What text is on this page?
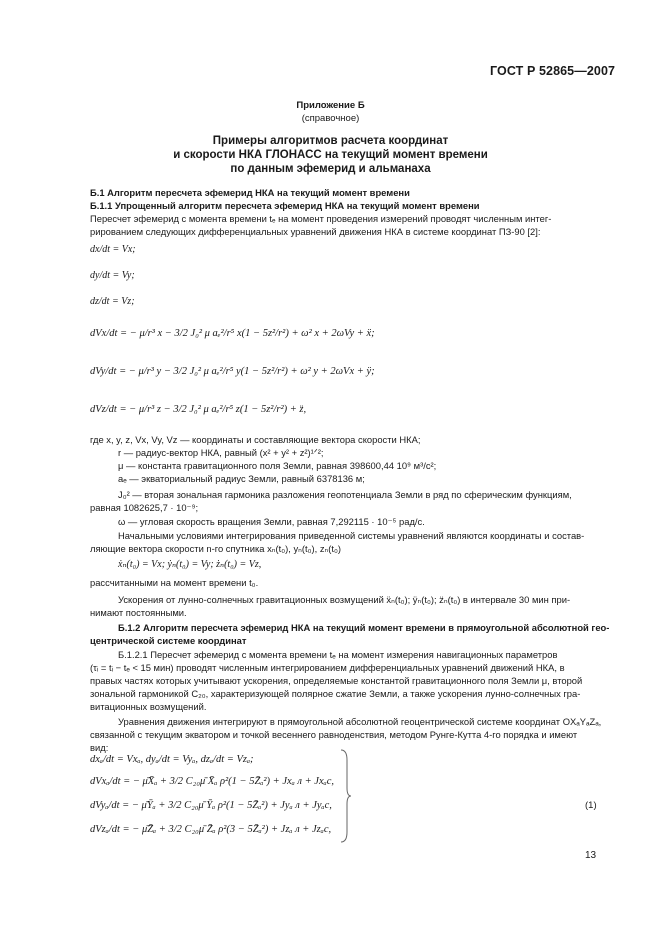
ГОСТ Р 52865—2007
Приложение Б
(справочное)
Примеры алгоритмов расчета координат
и скорости НКА ГЛОНАСС на текущий момент времени
по данным эфемерид и альманаха
Б.1 Алгоритм пересчета эфемерид НКА на текущий момент времени
Б.1.1 Упрощенный алгоритм пересчета эфемерид НКА на текущий момент времени
Пересчет эфемерид с момента времени tₑ на момент проведения измерений проводят численным интег-
рированием следующих дифференциальных уравнений движения НКА в системе координат ПЗ-90 [2]:
dx/dt = Vx;
dy/dt = Vy;
dz/dt = Vz;
dVx/dt = − μ/r³ x − 3/2 J₀² μ aₑ²/r⁵ x(1 − 5z²/r²) + ω² x + 2ωVy + ẍ;
dVy/dt = − μ/r³ y − 3/2 J₀² μ aₑ²/r⁵ y(1 − 5z²/r²) + ω² y + 2ωVx + ÿ;
dVz/dt = − μ/r³ z − 3/2 J₀² μ aₑ²/r⁵ z(1 − 5z²/r²) + z̈,
где x, y, z, Vx, Vy, Vz — координаты и составляющие вектора скорости НКА;
r — радиус-вектор НКА, равный (x² + y² + z²)¹ᐟ²;
μ — константа гравитационного поля Земли, равная 398600,44 10⁹ м³/с²;
aₑ — экваториальный радиус Земли, равный 6378136 м;
J₀² — вторая зональная гармоника разложения геопотенциала Земли в ряд по сферическим функциям,
равная 1082625,7 · 10⁻⁹;
ω — угловая скорость вращения Земли, равная 7,292115 · 10⁻⁵ рад/с.
Начальными условиями интегрирования приведенной системы уравнений являются координаты и состав-
ляющие вектора скорости n-го спутника xₙ(t₀), yₙ(t₀), zₙ(t₀)
ẋₙ(t₀) = Vx; ẏₙ(t₀) = Vy; żₙ(t₀) = Vz,
рассчитанными на момент времени t₀.
Ускорения от лунно-солнечных гравитационных возмущений ẍₙ(t₀); ÿₙ(t₀); z̈ₙ(t₀) в интервале 30 мин при-
нимают постоянными.
Б.1.2 Алгоритм пересчета эфемерид НКА на текущий момент времени в прямоугольной абсолютной гео-
центрической системе координат
Б.1.2.1 Пересчет эфемерид с момента времени tₑ на момент измерения навигационных параметров
(τᵢ = tᵢ − tₑ < 15 мин) проводят численным интегрированием дифференциальных уравнений движений НКА, в
правых частях которых учитывают ускорения, определяемые константой гравитационного поля Земли μ, второй
зональной гармоникой C₂₀, характеризующей полярное сжатие Земли, а также ускорения лунно-солнечных гра-
витационных возмущений.
Уравнения движения интегрируют в прямоугольной абсолютной геоцентрической системе координат OXₐYₐZₐ,
связанной с текущим экватором и точкой весеннего равноденствия, методом Рунге-Кутта 4-го порядка и имеют
вид:
dxₐ/dt = Vxₐ, dyₐ/dt = Vyₐ, dzₐ/dt = Vzₐ;
dVxₐ/dt = − μ̄X̄ₐ + 3/2 C₂₀μ̄ X̄ₐ ρ²(1 − 5Z̄ₐ²) + Jxₐ л + Jxₐc,
dVyₐ/dt = − μ̄Ȳₐ + 3/2 C₂₀μ̄ Ȳₐ ρ²(1 − 5Z̄ₐ²) + Jyₐ л + Jyₐc,
dVzₐ/dt = − μ̄Z̄ₐ + 3/2 C₂₀μ̄ Z̄ₐ ρ²(3 − 5Z̄ₐ²) + Jzₐ л + Jzₐc,
(1)
13
